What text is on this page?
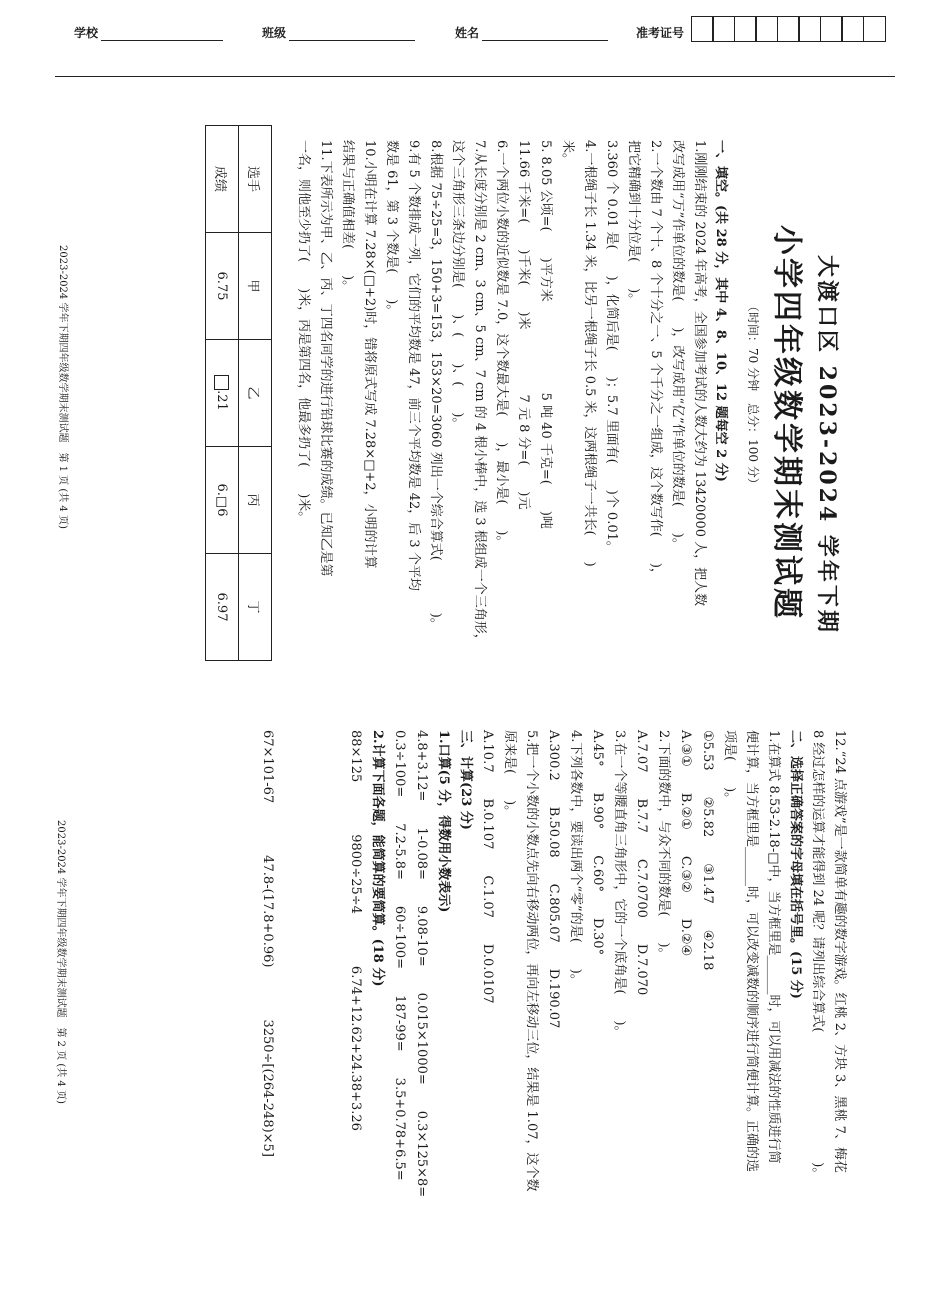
学校	班级	姓名	准考证号
大渡口区 2023-2024 学年下期
小学四年级数学期末测试题
（时间：70 分钟　总分：100 分）
一、填空。(共 28 分，其中 4、8、10、12 题每空 2 分)
1.刚刚结束的 2024 年高考，全国参加考试的人数大约为 13420000 人，把人数
改写成用“万”作单位的数是(　　)，改写成用“亿”作单位的数是(　　)。
2.一个数由 7 个十、8 个十分之一、5 个千分之一组成，这个数写作(　　)，
把它精确到十分位是(　　)。
3.360 个 0.01 是(　　)，化简后是(　　)；5.7 里面有(　　)个 0.01。
4.一根绳子长 1.34 米，比另一根绳子长 0.5 米，这两根绳子一共长(　　)
米。
5. 8.05 公顷=(　　)平方米　　　　　　　5 吨 40 千克=(　　)吨
11.66 千米=(　　)千米(　　)米　　　　　7 元 8 分=(　　)元
6.一个两位小数的近似数是 7.0，这个数最大是(　　)，最小是(　　)。
7.从长度分别是 2 cm、3 cm、5 cm、7 cm 的 4 根小棒中，选 3 根组成一个三角形，
这个三角形三条边分别是(　　)、(　　)、(　　)。
8.根据 75÷25=3，150+3=153，153×20=3060 列出一个综合算式(　　　　)。
9.有 5 个数排成一列，它们的平均数是 47，前三个平均数是 42，后 3 个平均
数是 61，第 3 个数是(　　)。
10.小明在计算 7.28×(□+2)时，错将原式写成 7.28×□+2，小明的计算
结果与正确值相差(　　)。
11.下表所示为甲、乙、丙、丁四名同学的进行铅球比赛的成绩。已知乙是第
一名，则他至少扔了(　　)米，丙是第四名，他最多扔了(　　)米。
选手	甲	乙	丙	丁
成绩	6.75	.21	6.□6	6.97
2023-2024 学年下期四年级数学期末测试题　第 1 页 (共 4 页)
12.“24 点游戏”是一款简单有趣的数字游戏。红桃 2、方块 3、黑桃 7、梅花
8 经过怎样的运算才能得到 24 呢？请列出综合算式(　　　　　　　　　　)。
二、选择正确答案的字母填在括号里。(15 分)
1.在算式 8.53-2.18-□中，当方框里是______时，可以用减法的性质进行简
便计算，当方框里是______时，可以改变减数的顺序进行简便计算。正确的选
项是(　　)。
①5.53　　②5.82　　③1.47　　④2.18
A.③①　　B.②①　　C.③②　　D.②④
2.下面的数中，与众不同的数是(　　)。
A.7.07　　B.7.7　　C.7.0700　　D.7.070
3.在一个等腰直角三角形中，它的一个底角是(　　)。
A.45°　　B.90°　　C.60°　　D.30°
4.下列各数中，要读出两个“零”的是(　　)。
A.300.2　　B.50.08　　C.805.07　　D.190.07
5.把一个小数的小数点先向右移动两位，再向左移动三位，结果是 1.07，这个数
原来是(　　)。
A.10.7　　B.0.107　　C.1.07　　D.0.0107
三、计算(23 分)
1.口算(5 分，得数用小数表示)
4.8+3.12=　　1-0.08=　　9.08-10=　　0.015×1000=　　0.3×125×8=
0.3÷100=　　7.2-5.8=　　60÷100=　　187-99=　　3.5+0.78+6.5=
2.计算下面各题，能简算的要简算。(18 分)
88×125　　　　9800÷25÷4　　　　6.74+12.62+24.38+3.26
67×101-67　　　　47.8-(17.8+0.96)　　　　3250÷[(264-248)×5]
2023-2024 学年下期四年级数学期末测试题　第 2 页 (共 4 页)
